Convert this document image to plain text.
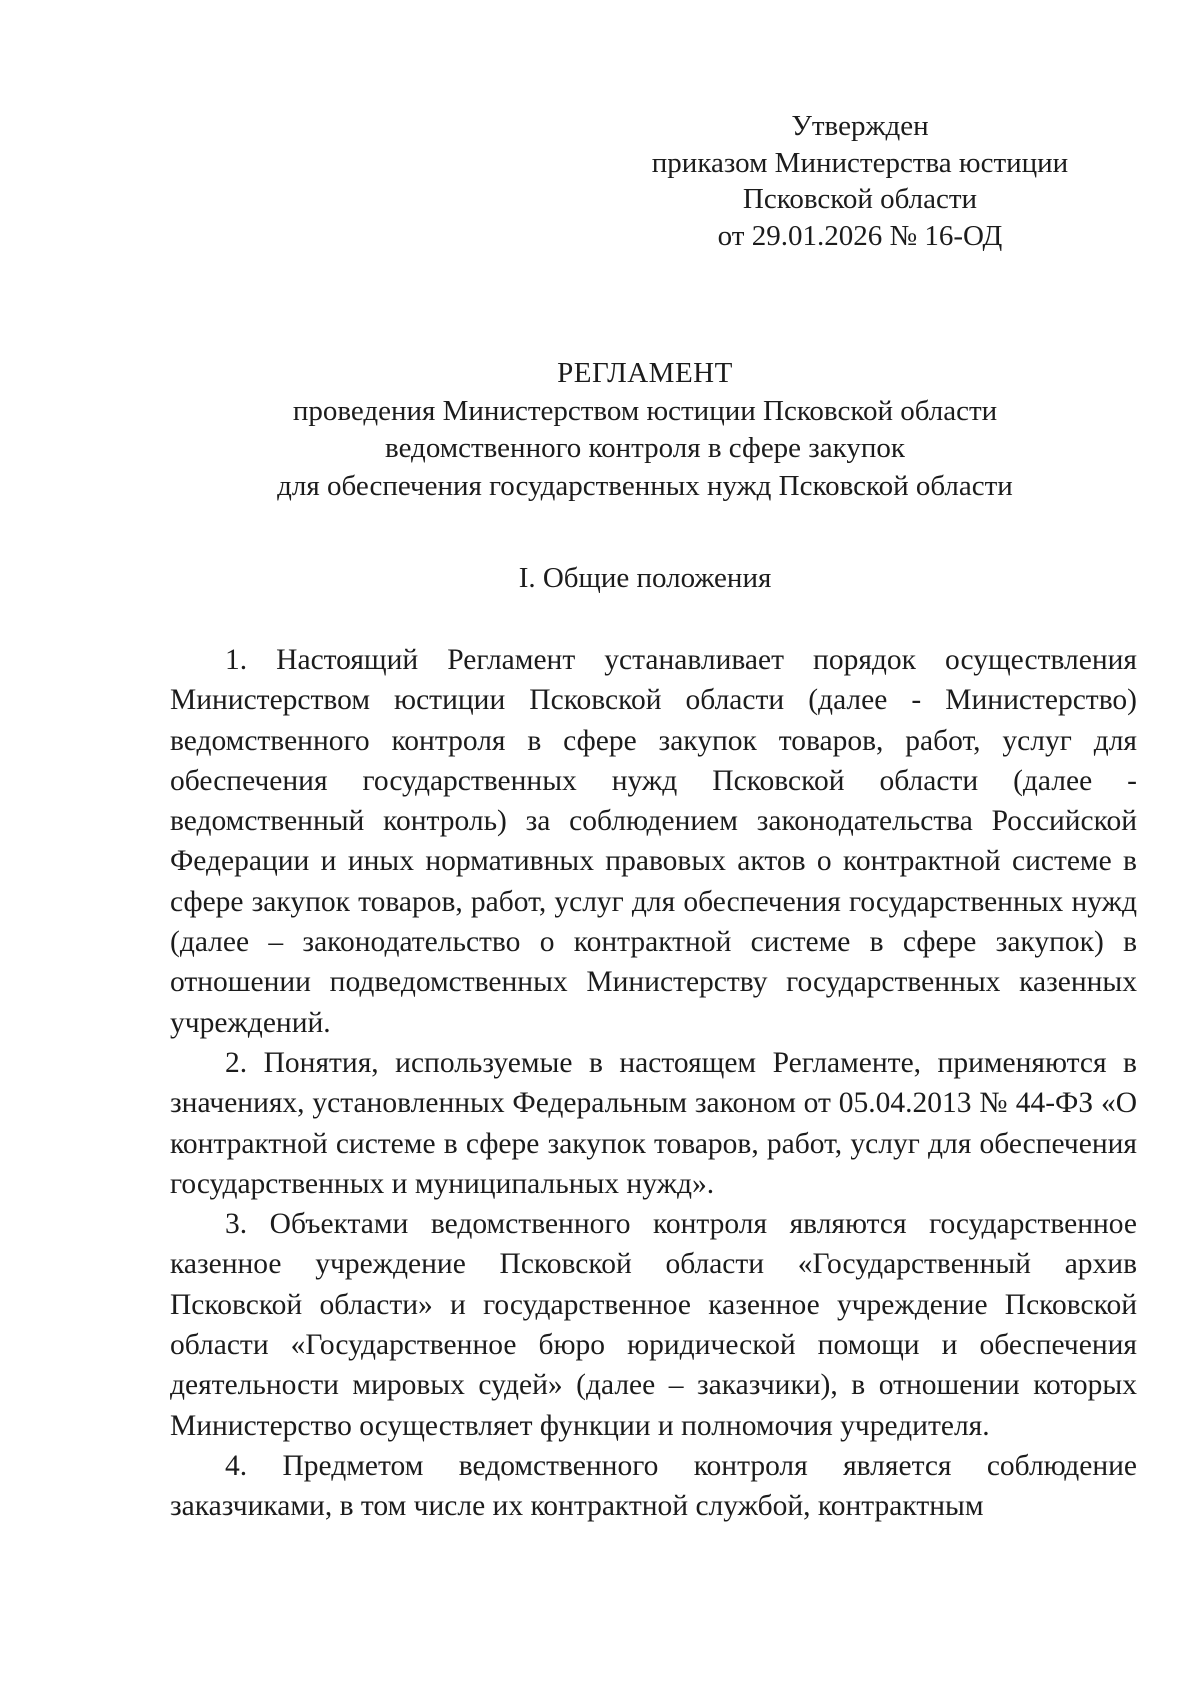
Утвержден
приказом Министерства юстиции
Псковской области
от 29.01.2026 № 16-ОД
РЕГЛАМЕНТ
проведения Министерством юстиции Псковской области
ведомственного контроля в сфере закупок
для обеспечения государственных нужд Псковской области
I. Общие положения

1. Настоящий Регламент устанавливает порядок осуществления Министерством юстиции Псковской области (далее - Министерство) ведомственного контроля в сфере закупок товаров, работ, услуг для обеспечения государственных нужд Псковской области (далее - ведомственный контроль) за соблюдением законодательства Российской Федерации и иных нормативных правовых актов о контрактной системе в сфере закупок товаров, работ, услуг для обеспечения государственных нужд (далее – законодательство о контрактной системе в сфере закупок) в отношении подведомственных Министерству государственных казенных учреждений.

2. Понятия, используемые в настоящем Регламенте, применяются в значениях, установленных Федеральным законом от 05.04.2013 № 44-ФЗ «О контрактной системе в сфере закупок товаров, работ, услуг для обеспечения государственных и муниципальных нужд».

3. Объектами ведомственного контроля являются государственное казенное учреждение Псковской области «Государственный архив Псковской области» и государственное казенное учреждение Псковской области «Государственное бюро юридической помощи и обеспечения деятельности мировых судей» (далее – заказчики), в отношении которых Министерство осуществляет функции и полномочия учредителя.

4. Предметом ведомственного контроля является соблюдение заказчиками, в том числе их контрактной службой, контрактным
